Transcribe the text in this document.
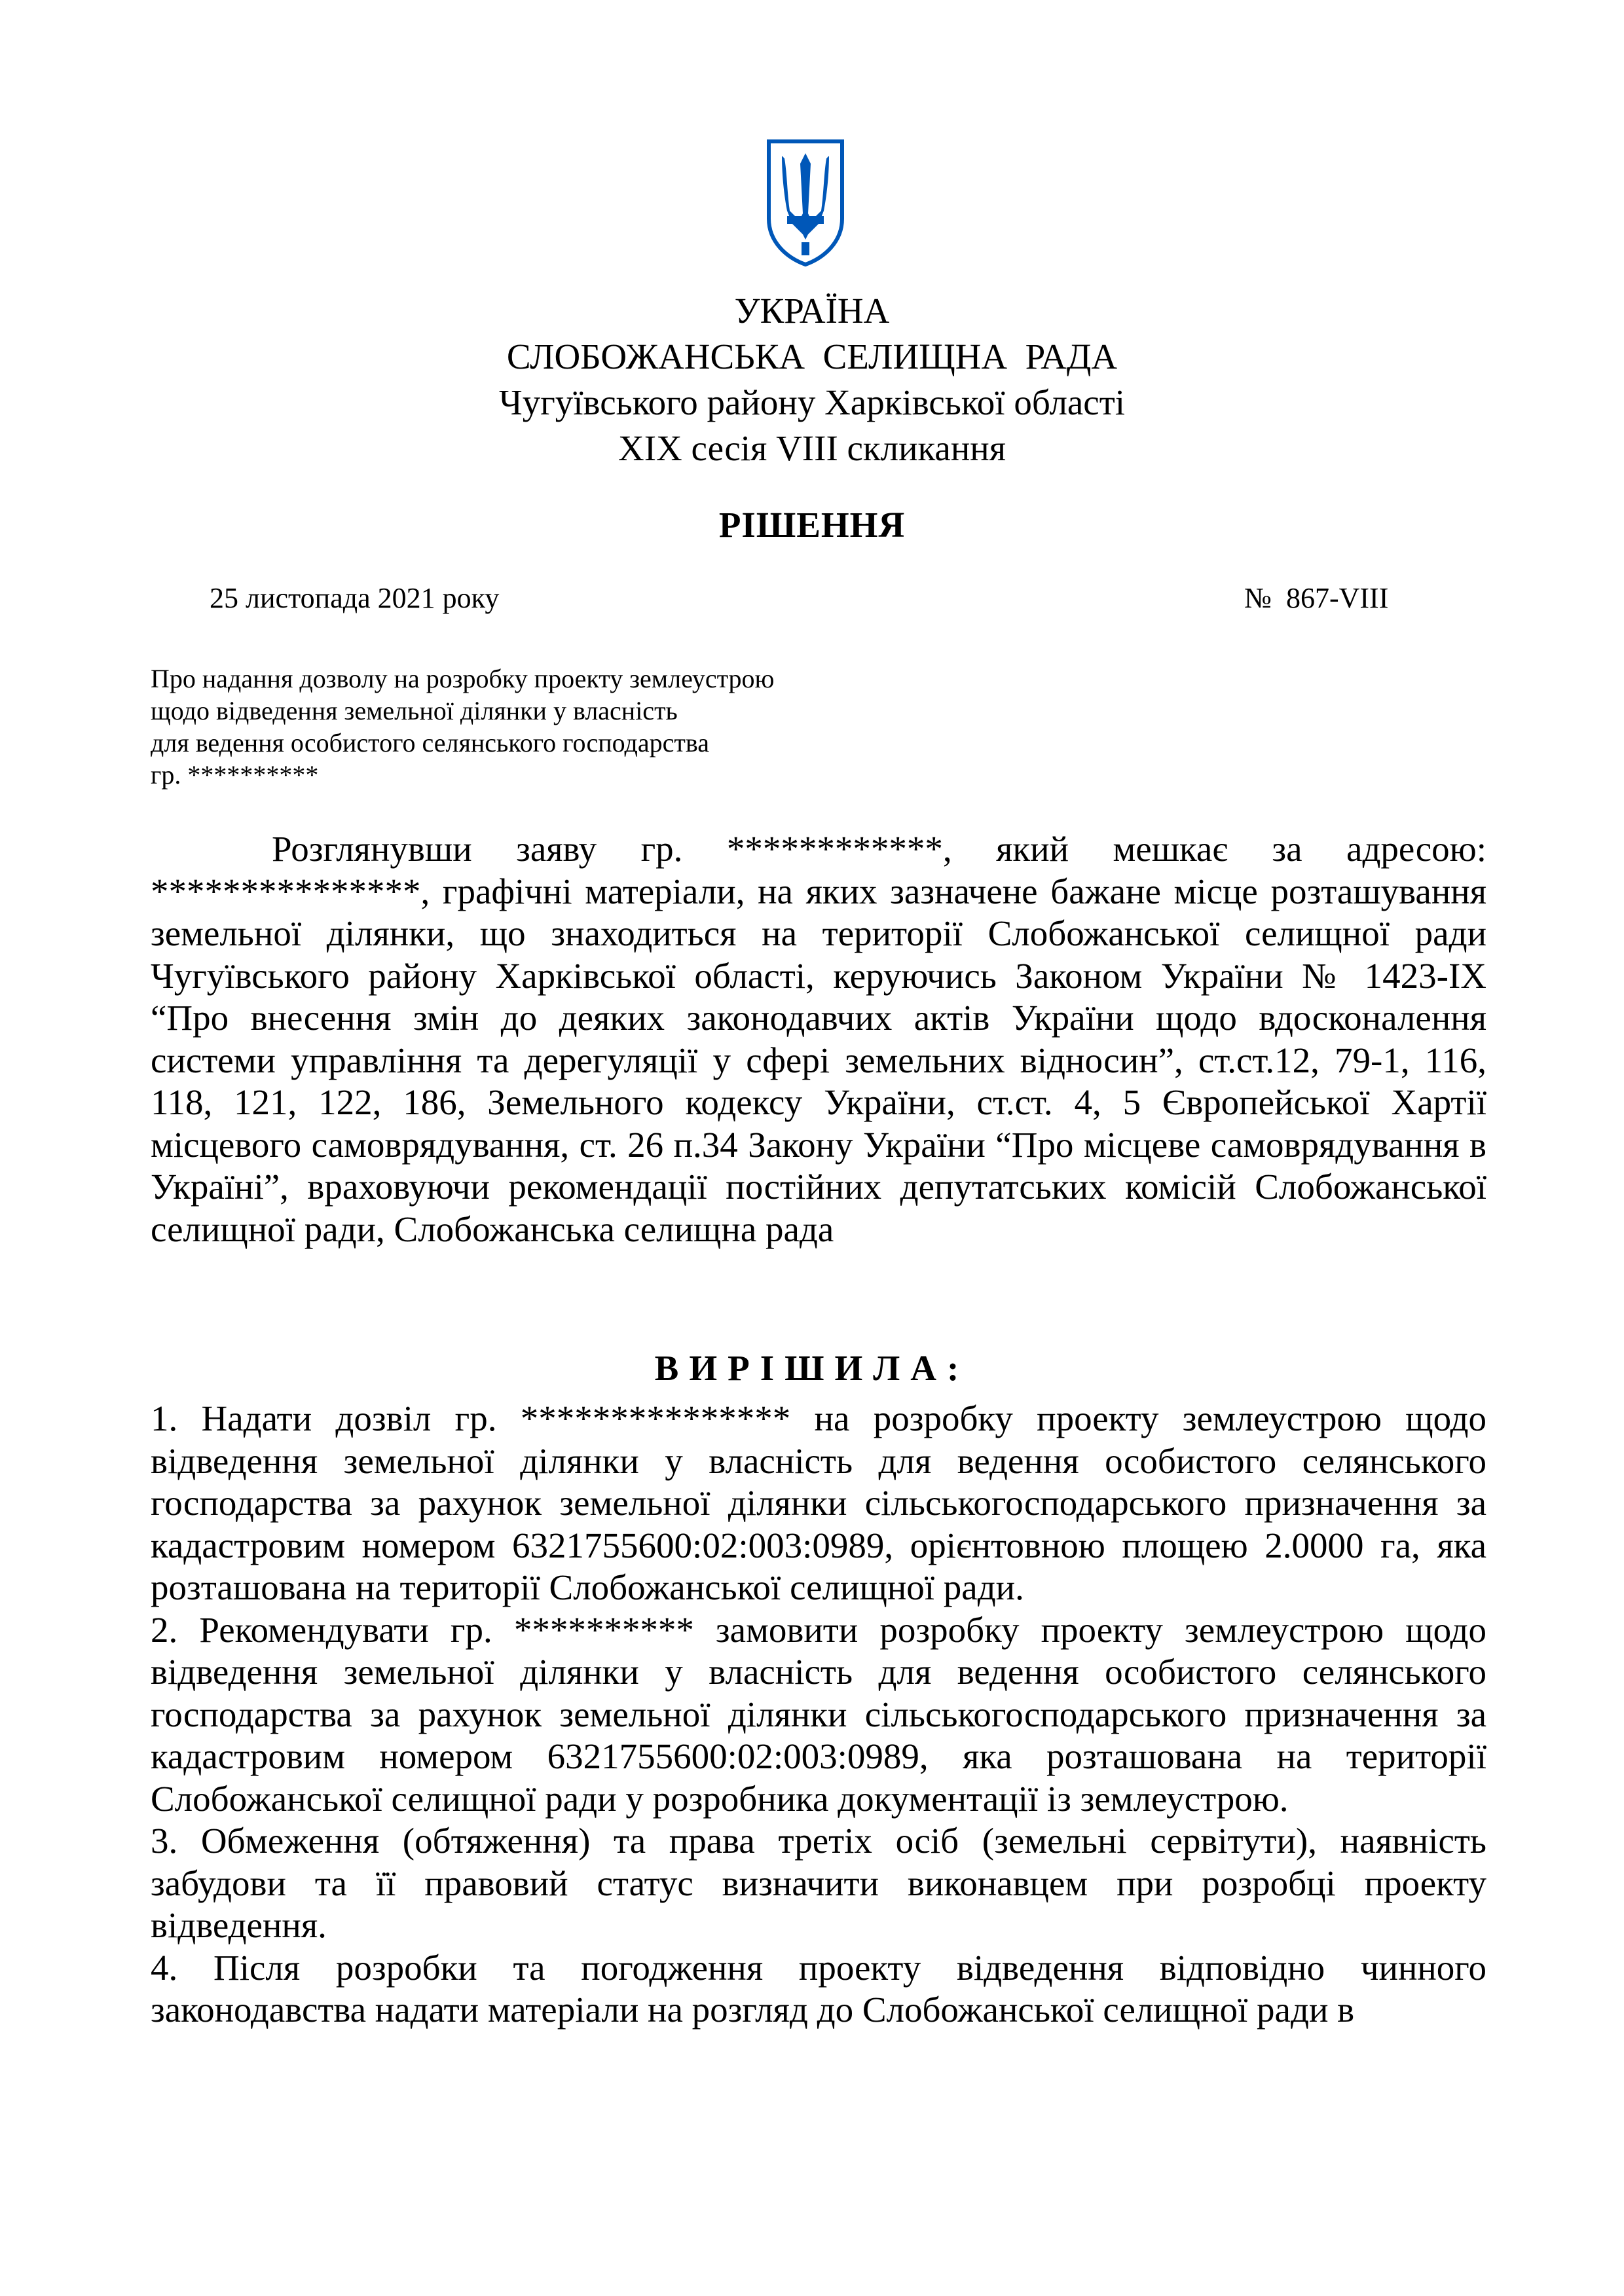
УКРАЇНА
СЛОБОЖАНСЬКА  СЕЛИЩНА  РАДА
Чугуївського району Харківської області
XIX сесія VIII скликання
РІШЕННЯ
25 листопада 2021 року	№  867-VIII
Про надання дозволу на розробку проекту землеустрою
щодо відведення земельної ділянки у власність
для ведення особистого селянського господарства
гр. **********
Розглянувши заяву гр. ************, який мешкає за адресою: ***************, графічні матеріали, на яких зазначене бажане місце розташування земельної ділянки, що знаходиться на території Слобожанської селищної ради Чугуївського району Харківської області, керуючись Законом України № 1423-ІХ “Про внесення змін до деяких законодавчих актів України щодо вдосконалення системи управління та дерегуляції у сфері земельних відносин”, ст.ст.12, 79-1, 116, 118, 121, 122, 186, Земельного кодексу України, ст.ст. 4, 5 Європейської Хартії місцевого самоврядування, ст. 26 п.34 Закону України “Про місцеве самоврядування в Україні”, враховуючи рекомендації постійних депутатських комісій Слобожанської селищної ради, Слобожанська селищна рада
ВИРІШИЛА:

1. Надати дозвіл гр. *************** на розробку проекту землеустрою щодо відведення земельної ділянки у власність для ведення особистого селянського господарства за рахунок земельної ділянки сільськогосподарського призначення за кадастровим номером 6321755600:02:003:0989, орієнтовною площею 2.0000 га, яка розташована на території Слобожанської селищної ради.

2. Рекомендувати гр. ********** замовити розробку проекту землеустрою щодо відведення земельної ділянки у власність для ведення особистого селянського господарства за рахунок земельної ділянки сільськогосподарського призначення за кадастровим номером 6321755600:02:003:0989, яка розташована на території Слобожанської селищної ради у розробника документації із землеустрою.

3. Обмеження (обтяження) та права третіх осіб (земельні сервітути), наявність забудови та її правовий статус визначити виконавцем при розробці проекту відведення.

4. Після розробки та погодження проекту відведення відповідно чинного законодавства надати матеріали на розгляд до Слобожанської селищної ради в
